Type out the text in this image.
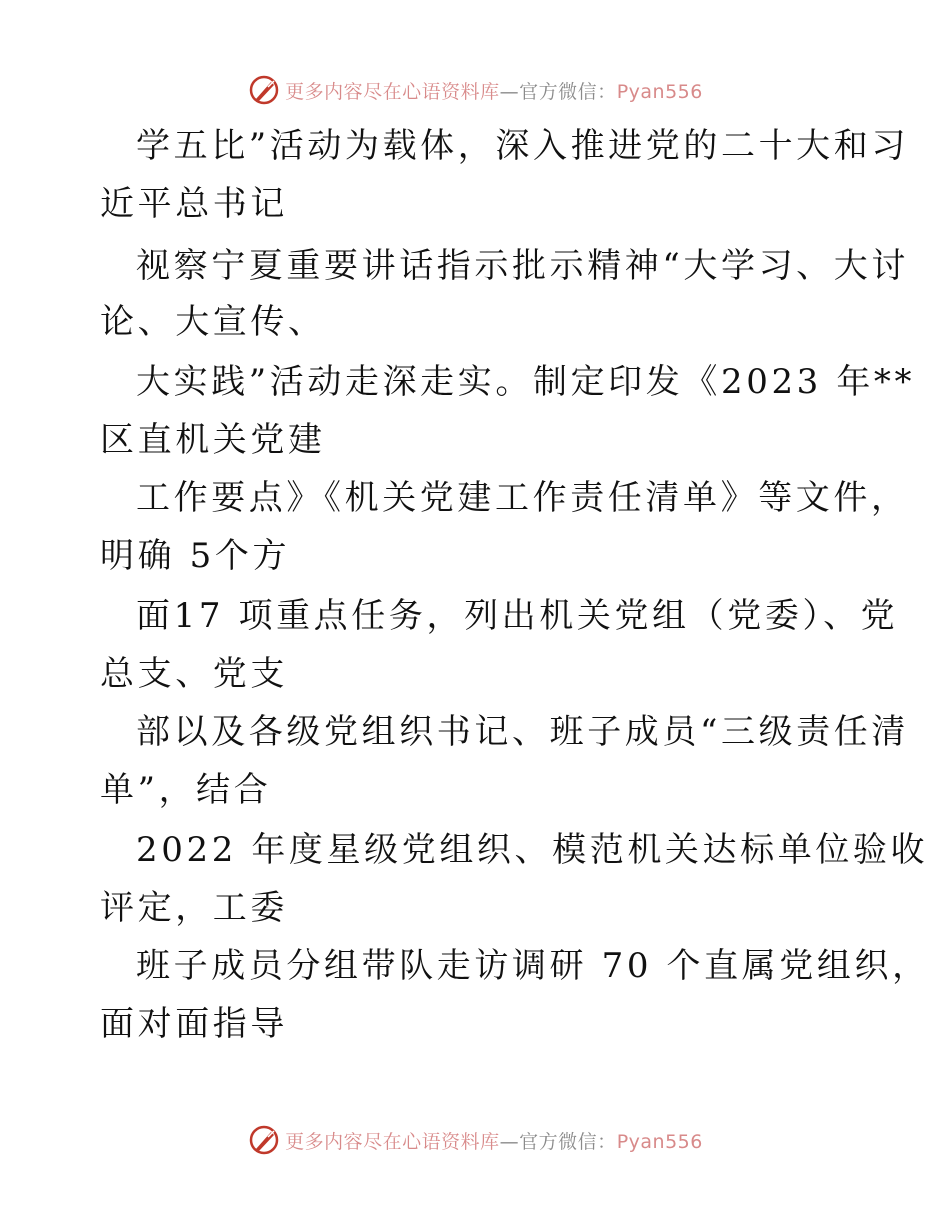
更多内容尽在心语资料库—官方微信：Pyan556
学五比”活动为载体，深入推进党的二十大和习
近平总书记
视察宁夏重要讲话指示批示精神“大学习、大讨
论、大宣传、
大实践”活动走深走实。制定印发《2023 年**
区直机关党建
工作要点》《机关党建工作责任清单》等文件，
明确 5个方
面17 项重点任务，列出机关党组（党委）、党
总支、党支
部以及各级党组织书记、班子成员“三级责任清
单”，结合
2022 年度星级党组织、模范机关达标单位验收
评定，工委
班子成员分组带队走访调研 70 个直属党组织，
面对面指导
更多内容尽在心语资料库—官方微信：Pyan556
